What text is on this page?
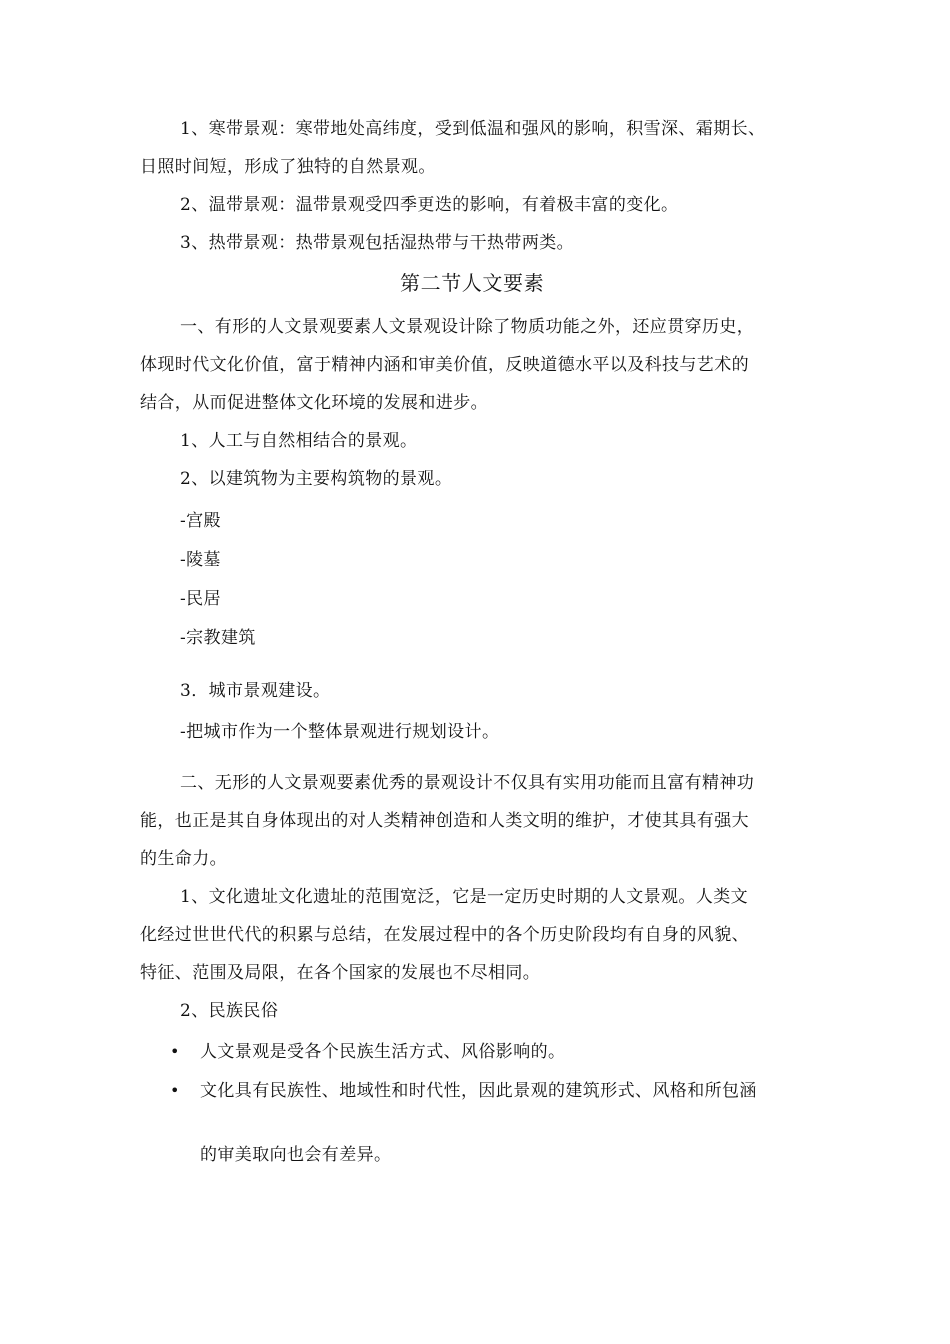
1、寒带景观：寒带地处高纬度，受到低温和强风的影响，积雪深、霜期长、
日照时间短，形成了独特的自然景观。
2、温带景观：温带景观受四季更迭的影响，有着极丰富的变化。
3、热带景观：热带景观包括湿热带与干热带两类。
第二节人文要素
一、有形的人文景观要素人文景观设计除了物质功能之外，还应贯穿历史，
体现时代文化价值，富于精神内涵和审美价值，反映道德水平以及科技与艺术的
结合，从而促进整体文化环境的发展和进步。
1、人工与自然相结合的景观。
2、以建筑物为主要构筑物的景观。
-宫殿
-陵墓
-民居
-宗教建筑
3．城市景观建设。
-把城市作为一个整体景观进行规划设计。
二、无形的人文景观要素优秀的景观设计不仅具有实用功能而且富有精神功
能，也正是其自身体现出的对人类精神创造和人类文明的维护，才使其具有强大
的生命力。
1、文化遗址文化遗址的范围宽泛，它是一定历史时期的人文景观。人类文
化经过世世代代的积累与总结，在发展过程中的各个历史阶段均有自身的风貌、
特征、范围及局限，在各个国家的发展也不尽相同。
2、民族民俗
• 人文景观是受各个民族生活方式、风俗影响的。
• 文化具有民族性、地域性和时代性，因此景观的建筑形式、风格和所包涵
的审美取向也会有差异。
